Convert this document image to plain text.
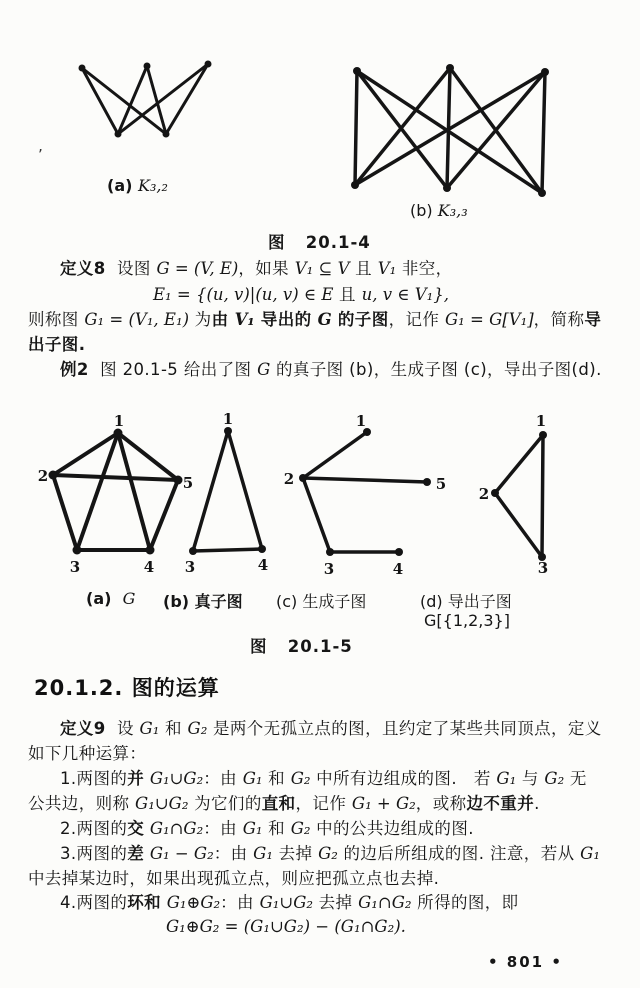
’
1
2	5
3	4
1
3	4
1
2	5
3	4
1
2
3
(a) K₃,₂
(b) K₃,₃
图   20.1-4
定义8  设图 G = (V, E)，如果 V₁ ⊆ V 且 V₁ 非空，
E₁ = {(u, v)|(u, v) ∈ E 且 u, v ∈ V₁},
则称图 G₁ = (V₁, E₁) 为由 V₁ 导出的 G 的子图，记作 G₁ = G[V₁]，简称导
出子图.
例2  图 20.1-5 给出了图 G 的真子图 (b)，生成子图 (c)，导出子图(d).
(a)  G (b) 真子图 (c) 生成子图	(d) 导出子图
G[{1,2,3}]
图   20.1-5
20.1.2. 图的运算
定义9  设 G₁ 和 G₂ 是两个无孤立点的图，且约定了某些共同顶点，定义
如下几种运算：
1.两图的并 G₁∪G₂：由 G₁ 和 G₂ 中所有边组成的图.　若 G₁ 与 G₂ 无
公共边，则称 G₁∪G₂ 为它们的直和，记作 G₁ + G₂，或称边不重并.
2.两图的交 G₁∩G₂：由 G₁ 和 G₂ 中的公共边组成的图.
3.两图的差 G₁ − G₂：由 G₁ 去掉 G₂ 的边后所组成的图. 注意，若从 G₁
中去掉某边时，如果出现孤立点，则应把孤立点也去掉.
4.两图的环和 G₁⊕G₂：由 G₁∪G₂ 去掉 G₁∩G₂ 所得的图，即
G₁⊕G₂ = (G₁∪G₂) − (G₁∩G₂).
• 801 •
